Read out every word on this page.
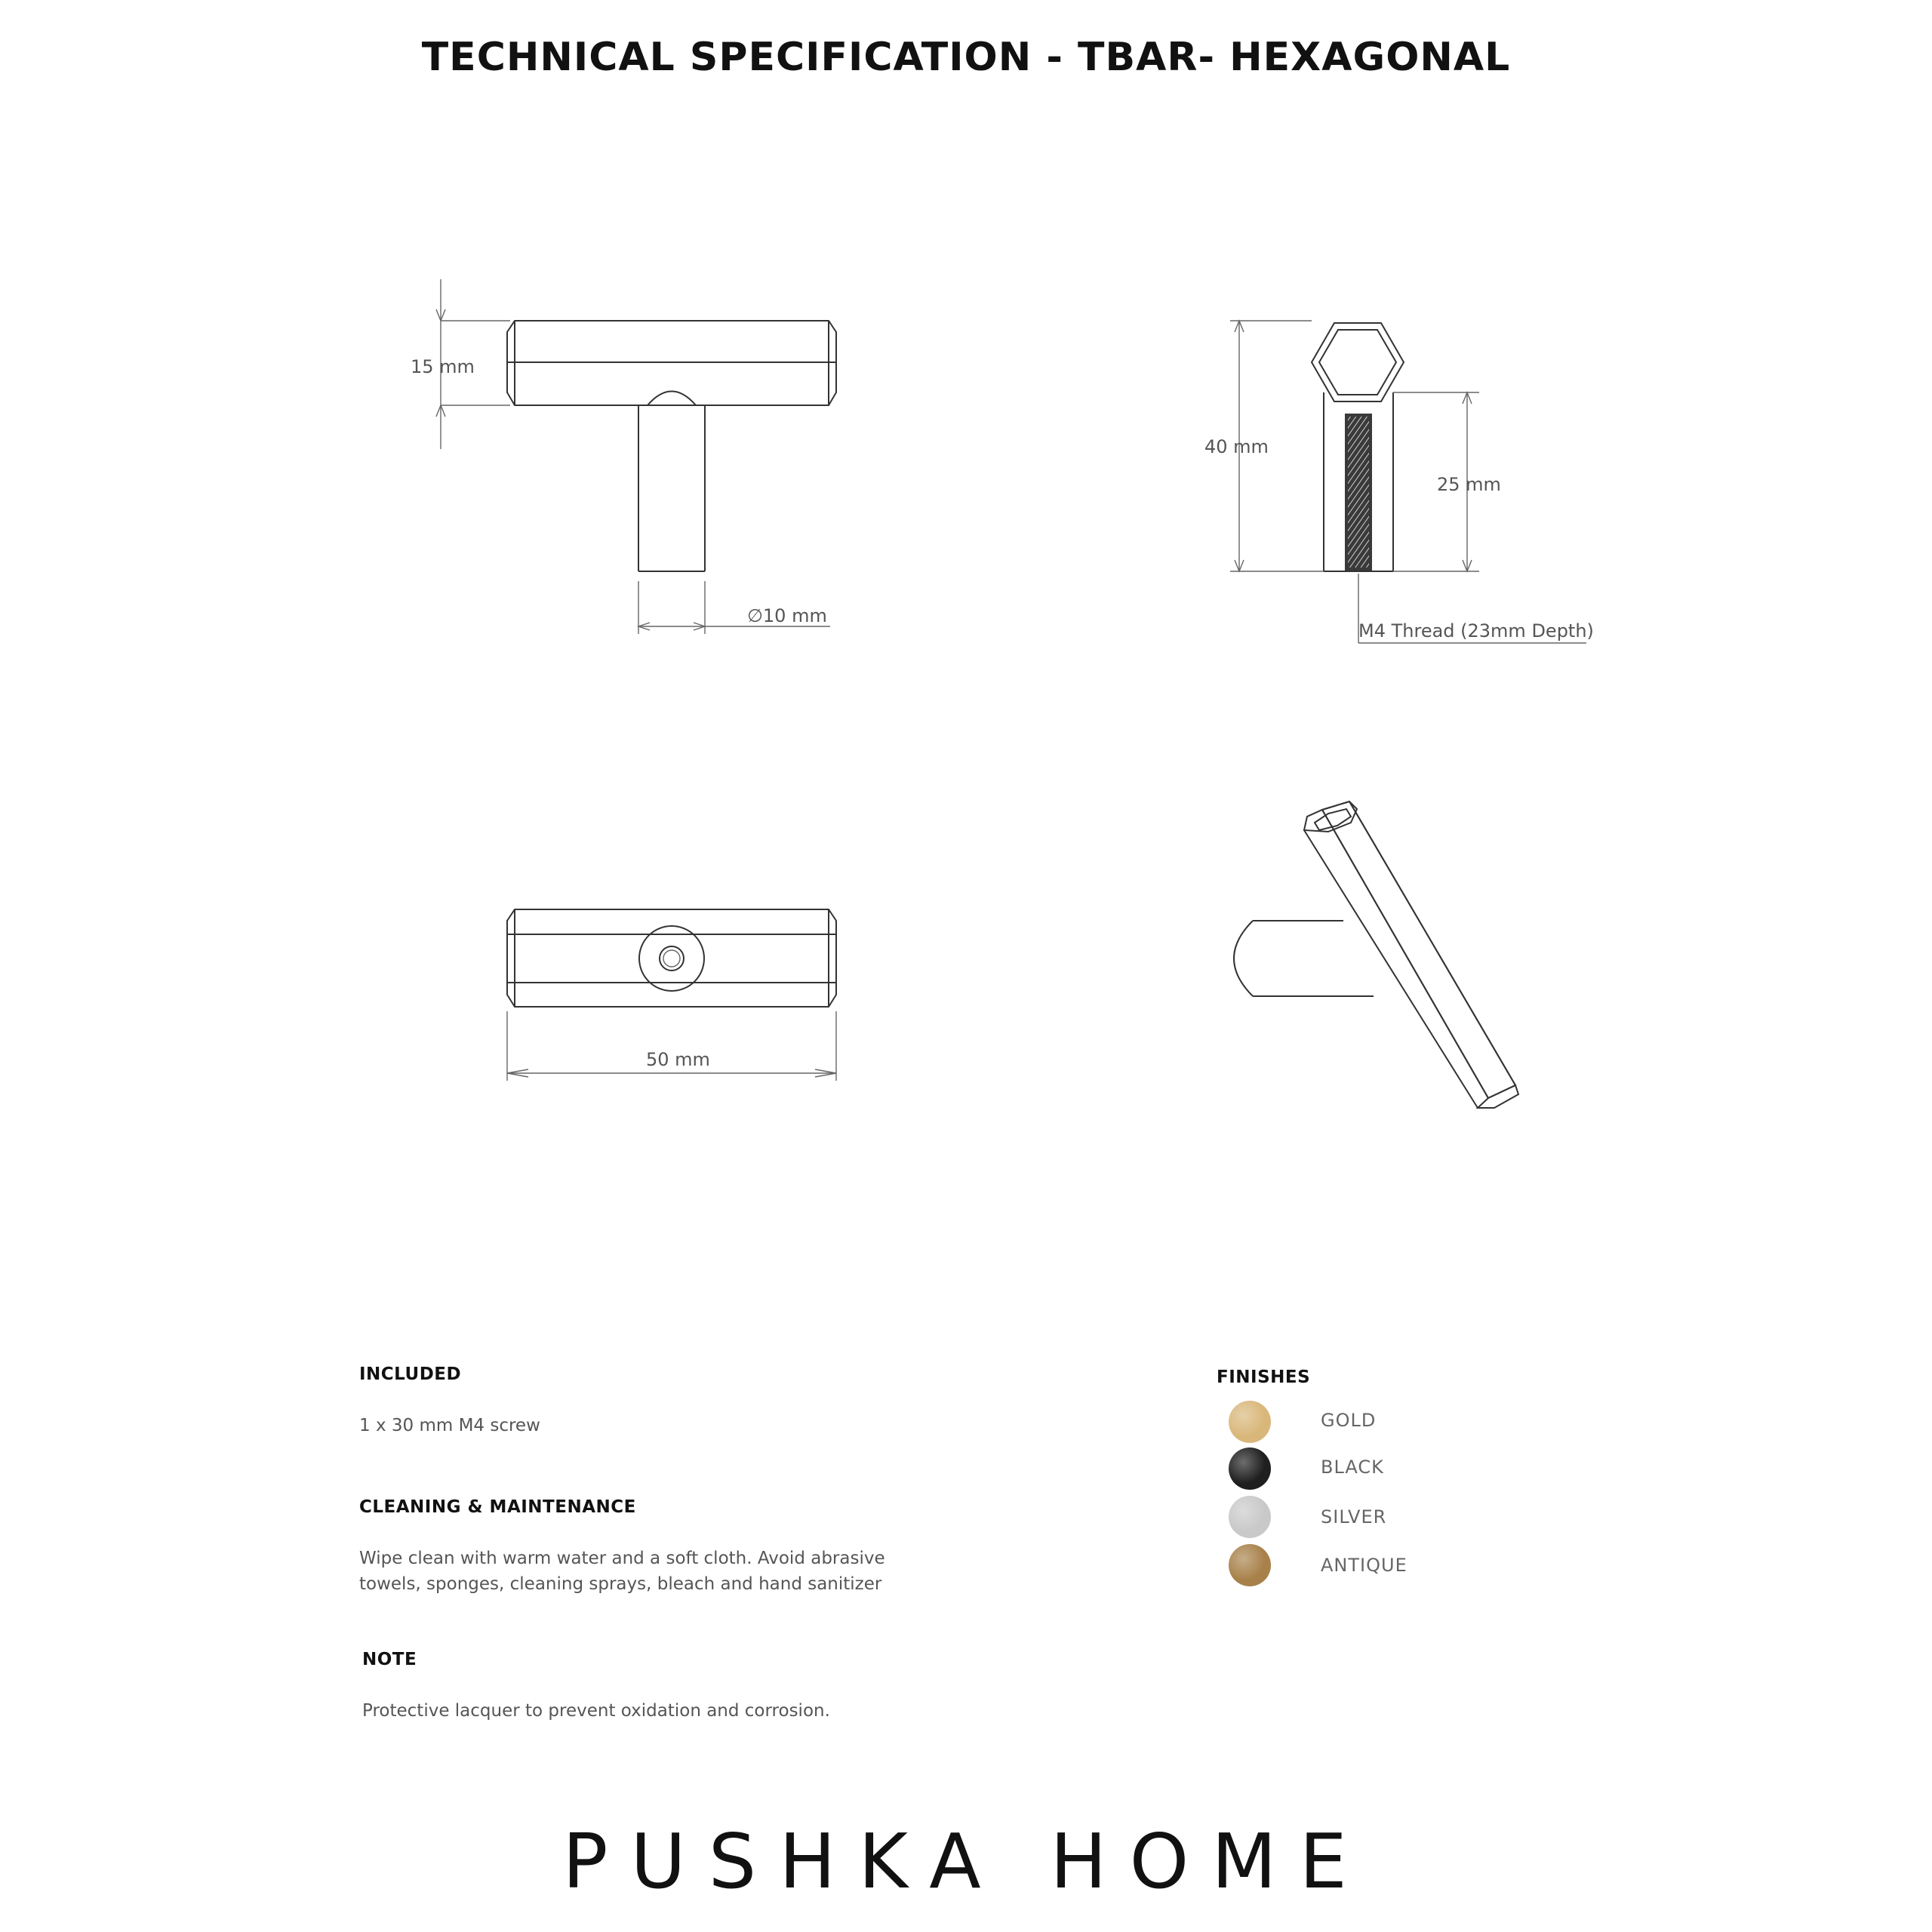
TECHNICAL SPECIFICATION - TBAR- HEXAGONAL
15 mm
∅10 mm
40 mm
25 mm
M4 Thread (23mm Depth)
50 mm
INCLUDED
1 x 30 mm M4 screw
CLEANING & MAINTENANCE
Wipe clean with warm water and a soft cloth. Avoid abrasive
towels, sponges, cleaning sprays, bleach and hand sanitizer
NOTE
Protective lacquer to prevent oxidation and corrosion.
FINISHES
GOLD
BLACK
SILVER
ANTIQUE
PUSHKA HOME
